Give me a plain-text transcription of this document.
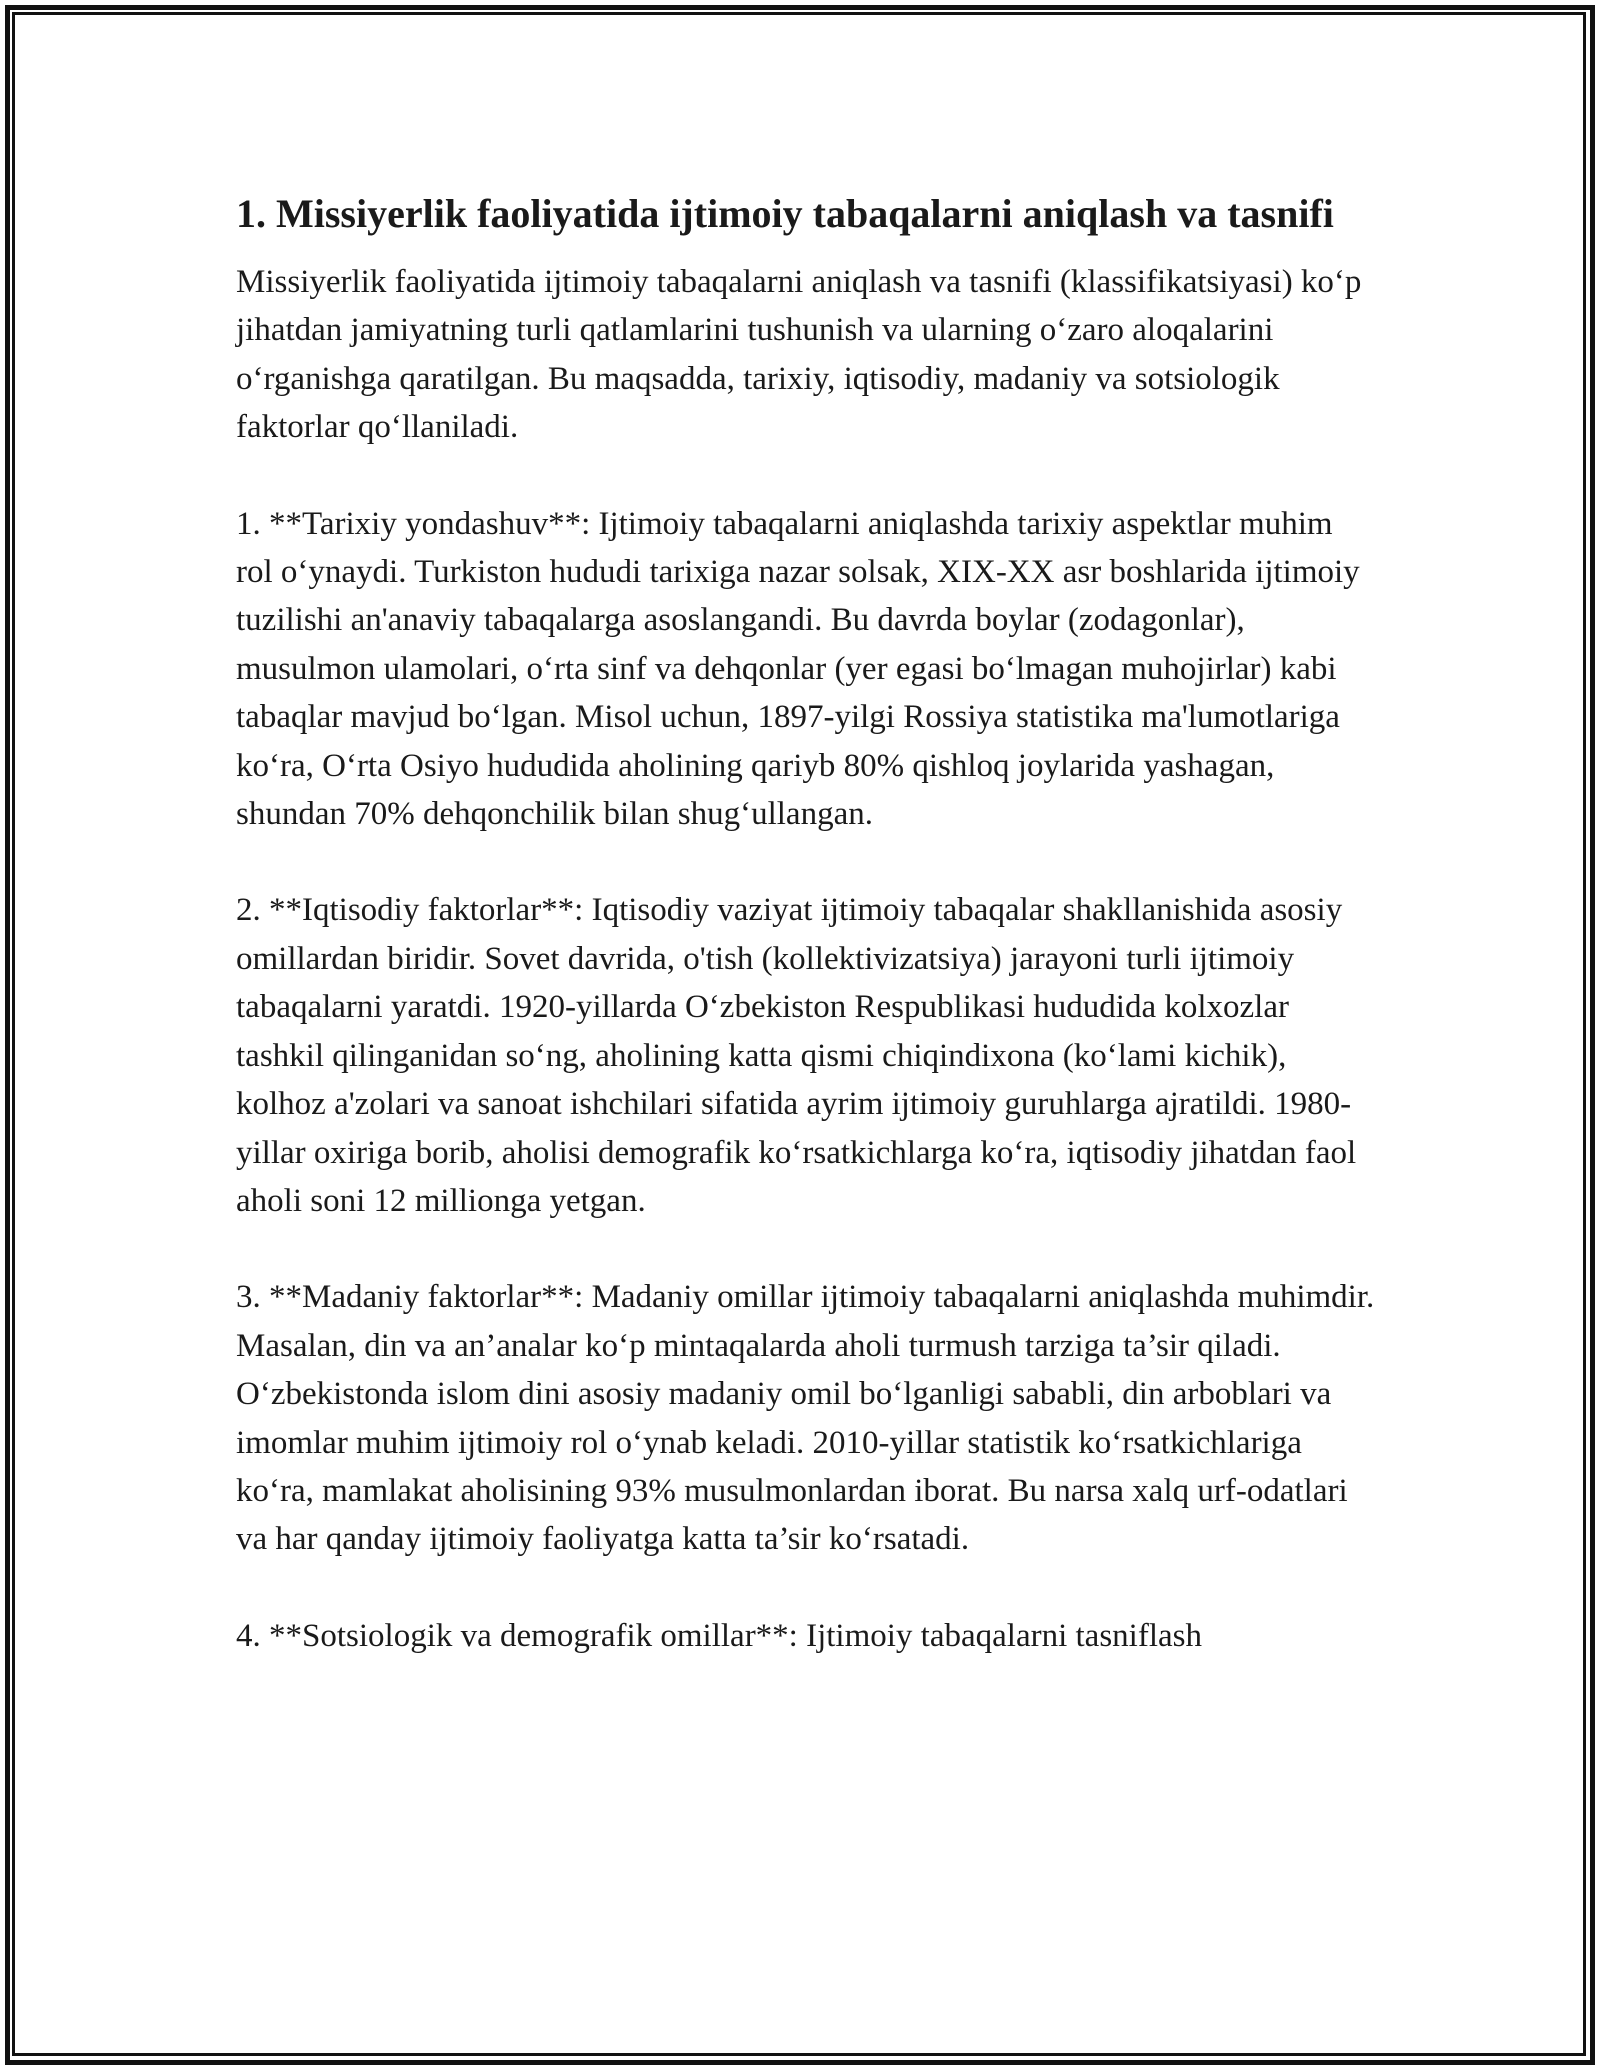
1. Missiyerlik faoliyatida ijtimoiy tabaqalarni aniqlash va tasnifi

Missiyerlik faoliyatida ijtimoiy tabaqalarni aniqlash va tasnifi (klassifikatsiyasi) ko‘p jihatdan jamiyatning turli qatlamlarini tushunish va ularning o‘zaro aloqalarini o‘rganishga qaratilgan. Bu maqsadda, tarixiy, iqtisodiy, madaniy va sotsiologik faktorlar qo‘llaniladi.

1. **Tarixiy yondashuv**: Ijtimoiy tabaqalarni aniqlashda tarixiy aspektlar muhim rol o‘ynaydi. Turkiston hududi tarixiga nazar solsak, XIX-XX asr boshlarida ijtimoiy tuzilishi an'anaviy tabaqalarga asoslangandi. Bu davrda boylar (zodagonlar), musulmon ulamolari, o‘rta sinf va dehqonlar (yer egasi bo‘lmagan muhojirlar) kabi tabaqlar mavjud bo‘lgan. Misol uchun, 1897-yilgi Rossiya statistika ma'lumotlariga ko‘ra, O‘rta Osiyo hududida aholining qariyb 80% qishloq joylarida yashagan, shundan 70% dehqonchilik bilan shug‘ullangan.

2. **Iqtisodiy faktorlar**: Iqtisodiy vaziyat ijtimoiy tabaqalar shakllanishida asosiy omillardan biridir. Sovet davrida, o'tish (kollektivizatsiya) jarayoni turli ijtimoiy tabaqalarni yaratdi. 1920-yillarda O‘zbekiston Respublikasi hududida kolxozlar tashkil qilinganidan so‘ng, aholining katta qismi chiqindixona (ko‘lami kichik), kolhoz a'zolari va sanoat ishchilari sifatida ayrim ijtimoiy guruhlarga ajratildi. 1980-yillar oxiriga borib, aholisi demografik ko‘rsatkichlarga ko‘ra, iqtisodiy jihatdan faol aholi soni 12 millionga yetgan.

3. **Madaniy faktorlar**: Madaniy omillar ijtimoiy tabaqalarni aniqlashda muhimdir. Masalan, din va an’analar ko‘p mintaqalarda aholi turmush tarziga ta’sir qiladi. O‘zbekistonda islom dini asosiy madaniy omil bo‘lganligi sababli, din arboblari va imomlar muhim ijtimoiy rol o‘ynab keladi. 2010-yillar statistik ko‘rsatkichlariga ko‘ra, mamlakat aholisining 93% musulmonlardan iborat. Bu narsa xalq urf-odatlari va har qanday ijtimoiy faoliyatga katta ta’sir ko‘rsatadi.

4. **Sotsiologik va demografik omillar**: Ijtimoiy tabaqalarni tasniflash
